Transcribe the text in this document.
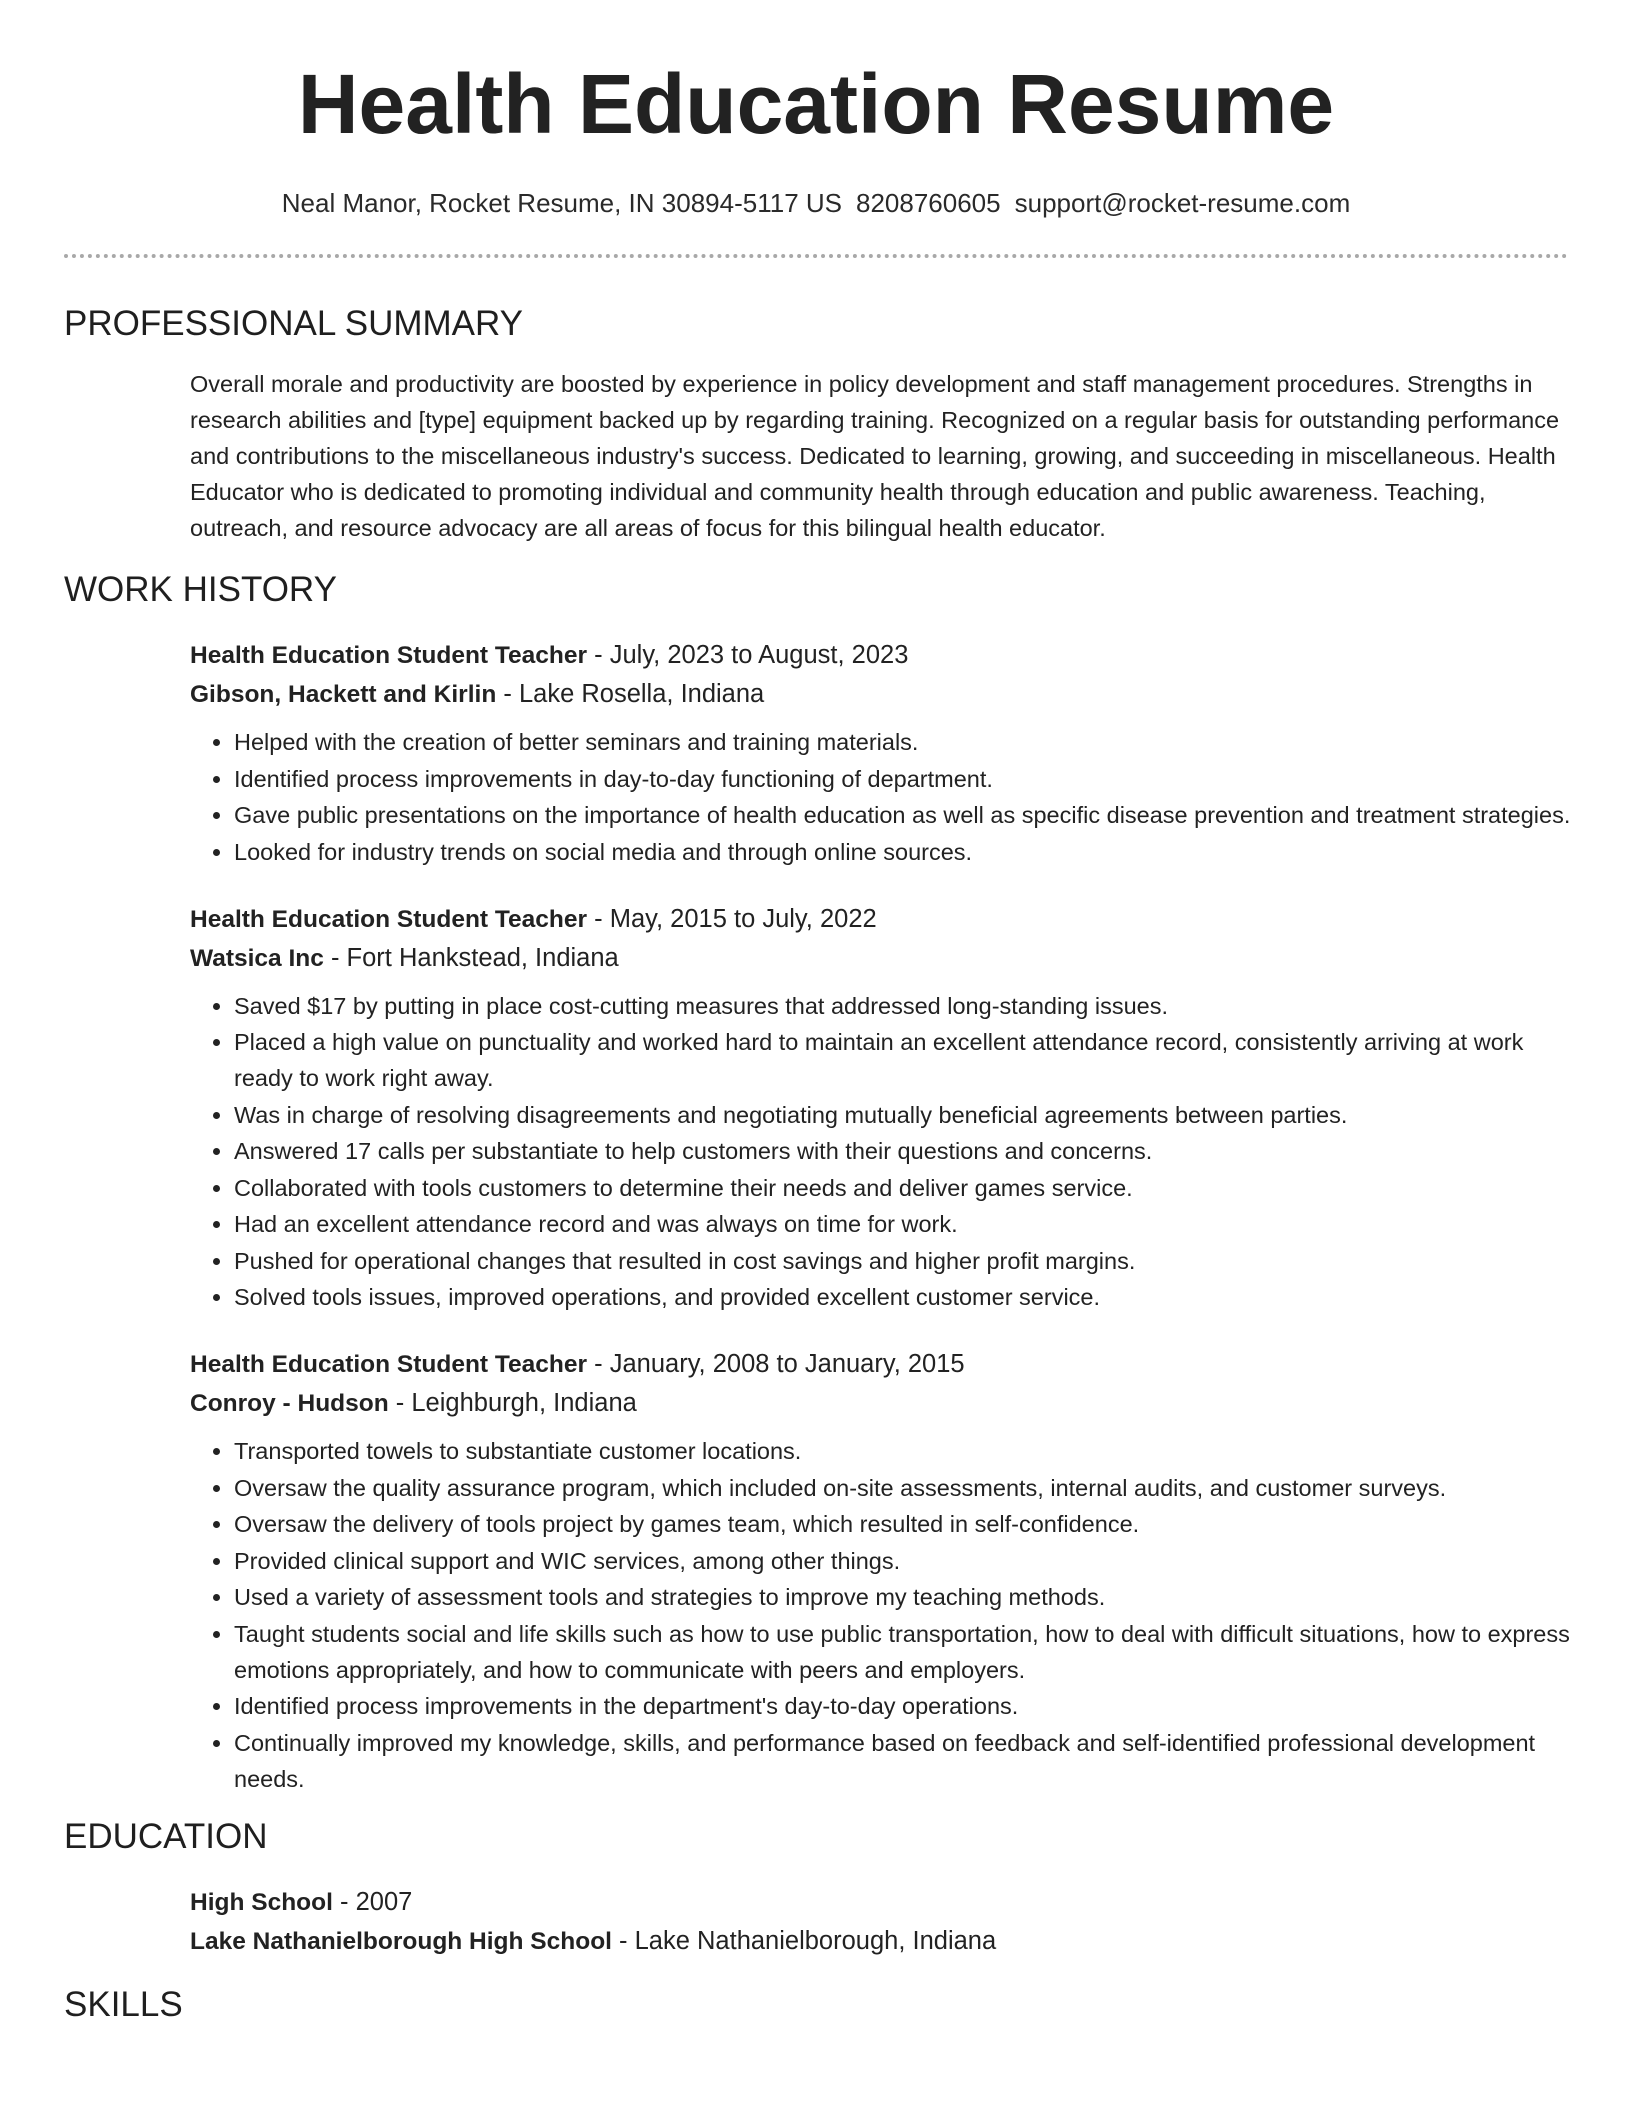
Health Education Resume
Neal Manor, Rocket Resume, IN 30894-5117 US 8208760605 support@rocket-resume.com
PROFESSIONAL SUMMARY

Overall morale and productivity are boosted by experience in policy development and staff management procedures. Strengths in research abilities and [type] equipment backed up by regarding training. Recognized on a regular basis for outstanding performance and contributions to the miscellaneous industry's success. Dedicated to learning, growing, and succeeding in miscellaneous. Health Educator who is dedicated to promoting individual and community health through education and public awareness. Teaching, outreach, and resource advocacy are all areas of focus for this bilingual health educator.

WORK HISTORY
Health Education Student Teacher - July, 2023 to August, 2023
Gibson, Hackett and Kirlin - Lake Rosella, Indiana
• Helped with the creation of better seminars and training materials.
• Identified process improvements in day-to-day functioning of department.
• Gave public presentations on the importance of health education as well as specific disease prevention and treatment strategies.
• Looked for industry trends on social media and through online sources.
Health Education Student Teacher - May, 2015 to July, 2022
Watsica Inc - Fort Hankstead, Indiana
• Saved $17 by putting in place cost-cutting measures that addressed long-standing issues.
• Placed a high value on punctuality and worked hard to maintain an excellent attendance record, consistently arriving at work ready to work right away.
• Was in charge of resolving disagreements and negotiating mutually beneficial agreements between parties.
• Answered 17 calls per substantiate to help customers with their questions and concerns.
• Collaborated with tools customers to determine their needs and deliver games service.
• Had an excellent attendance record and was always on time for work.
• Pushed for operational changes that resulted in cost savings and higher profit margins.
• Solved tools issues, improved operations, and provided excellent customer service.
Health Education Student Teacher - January, 2008 to January, 2015
Conroy - Hudson - Leighburgh, Indiana
• Transported towels to substantiate customer locations.
• Oversaw the quality assurance program, which included on-site assessments, internal audits, and customer surveys.
• Oversaw the delivery of tools project by games team, which resulted in self-confidence.
• Provided clinical support and WIC services, among other things.
• Used a variety of assessment tools and strategies to improve my teaching methods.
• Taught students social and life skills such as how to use public transportation, how to deal with difficult situations, how to express emotions appropriately, and how to communicate with peers and employers.
• Identified process improvements in the department's day-to-day operations.
• Continually improved my knowledge, skills, and performance based on feedback and self-identified professional development needs.
EDUCATION
High School - 2007
Lake Nathanielborough High School - Lake Nathanielborough, Indiana
SKILLS
